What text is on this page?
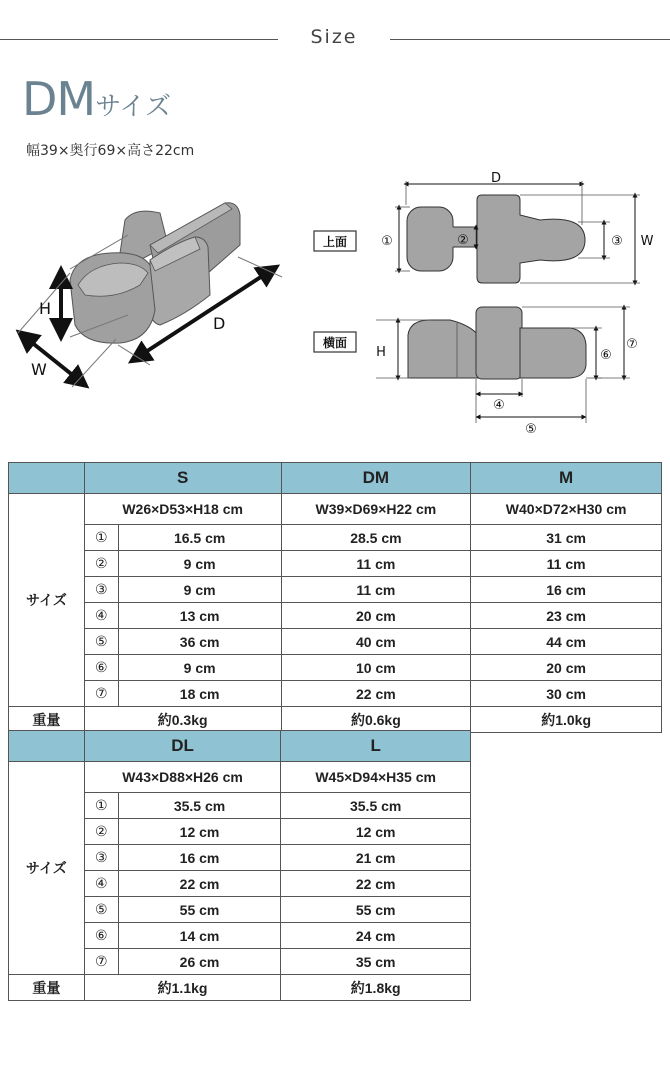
Size
DMサイズ
幅39×奥行69×高さ22cm
H
W
D
上面
D
①	②	③ W
横面
H	⑥
⑦
④
⑤
	S		DM	M
サイズ	W26×D53×H18 cm		W39×D69×H22 cm	W40×D72×H30 cm
	①	16.5 cm	28.5 cm	31 cm
	②	9 cm	11 cm	11 cm
	③	9 cm	11 cm	16 cm
	④	13 cm	20 cm	23 cm
	⑤	36 cm	40 cm	44 cm
	⑥	9 cm	10 cm	20 cm
	⑦	18 cm	22 cm	30 cm
重量	約0.3kg		約0.6kg	約1.0kg
	DL		L
サイズ	W43×D88×H26 cm		W45×D94×H35 cm
	①	35.5 cm	35.5 cm
	②	12 cm	12 cm
	③	16 cm	21 cm
	④	22 cm	22 cm
	⑤	55 cm	55 cm
	⑥	14 cm	24 cm
	⑦	26 cm	35 cm
重量	約1.1kg		約1.8kg
